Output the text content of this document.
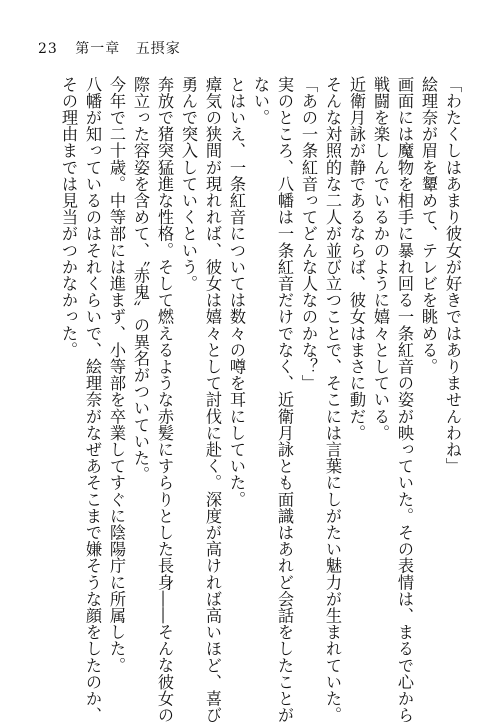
23 第一章 五摂家
「わたくしはあまり彼女が好きではありませんわね」
絵理奈が眉を顰めて、テレビを眺める。
画面には魔物を相手に暴れ回る一条紅音の姿が映っていた。その表情は、まるで心から
戦闘を楽しんでいるかのように嬉々としている。
近衛月詠が静であるならば、彼女はまさに動だ。
そんな対照的な二人が並び立つことで、そこには言葉にしがたい魅力が生まれていた。
「あの一条紅音ってどんな人なのかな？」
実のところ、八幡は一条紅音だけでなく、近衛月詠とも面識はあれど会話をしたことが
ない。
とはいえ、一条紅音については数々の噂を耳にしていた。
瘴気の狭間が現れれば、彼女は嬉々として討伐に赴く。深度が高ければ高いほど、喜び
勇んで突入していくという。
奔放で猪突猛進な性格。そして燃えるような赤髪にすらりとした長身――そんな彼女の
際立った容姿を含めて、〝赤鬼〟の異名がついていた。
今年で二十歳。中等部には進まず、小等部を卒業してすぐに陰陽庁に所属した。
八幡が知っているのはそれくらいで、絵理奈がなぜあそこまで嫌そうな顔をしたのか、
その理由までは見当がつかなかった。
